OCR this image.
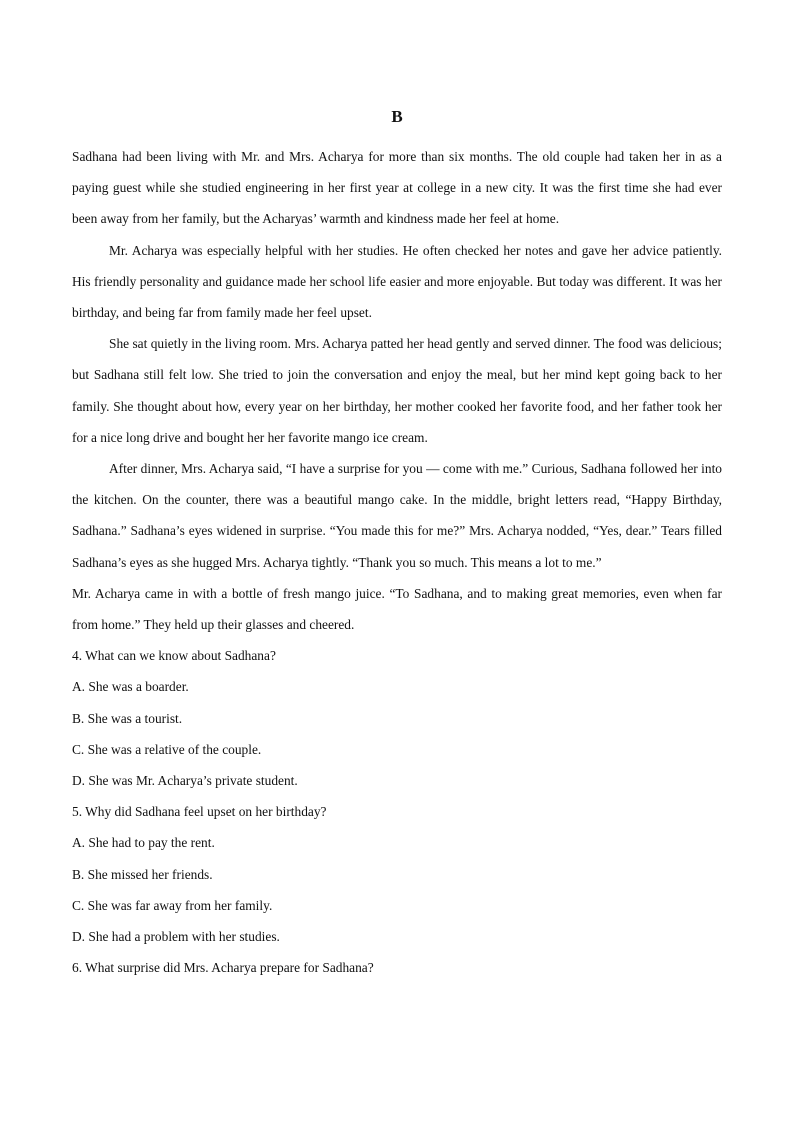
B

Sadhana had been living with Mr. and Mrs. Acharya for more than six months. The old couple had taken her in as a paying guest while she studied engineering in her first year at college in a new city. It was the first time she had ever been away from her family, but the Acharyas’ warmth and kindness made her feel at home.

Mr. Acharya was especially helpful with her studies. He often checked her notes and gave her advice patiently. His friendly personality and guidance made her school life easier and more enjoyable. But today was different. It was her birthday, and being far from family made her feel upset.

She sat quietly in the living room. Mrs. Acharya patted her head gently and served dinner. The food was delicious; but Sadhana still felt low. She tried to join the conversation and enjoy the meal, but her mind kept going back to her family. She thought about how, every year on her birthday, her mother cooked her favorite food, and her father took her for a nice long drive and bought her her favorite mango ice cream.

After dinner, Mrs. Acharya said, “I have a surprise for you — come with me.” Curious, Sadhana followed her into the kitchen. On the counter, there was a beautiful mango cake. In the middle, bright letters read, “Happy Birthday, Sadhana.” Sadhana’s eyes widened in surprise. “You made this for me?” Mrs. Acharya nodded, “Yes, dear.” Tears filled Sadhana’s eyes as she hugged Mrs. Acharya tightly. “Thank you so much. This means a lot to me.”

Mr. Acharya came in with a bottle of fresh mango juice. “To Sadhana, and to making great memories, even when far from home.” They held up their glasses and cheered.

4. What can we know about Sadhana?

A. She was a boarder.

B. She was a tourist.

C. She was a relative of the couple.

D. She was Mr. Acharya’s private student.

5. Why did Sadhana feel upset on her birthday?

A. She had to pay the rent.

B. She missed her friends.

C. She was far away from her family.

D. She had a problem with her studies.

6. What surprise did Mrs. Acharya prepare for Sadhana?
